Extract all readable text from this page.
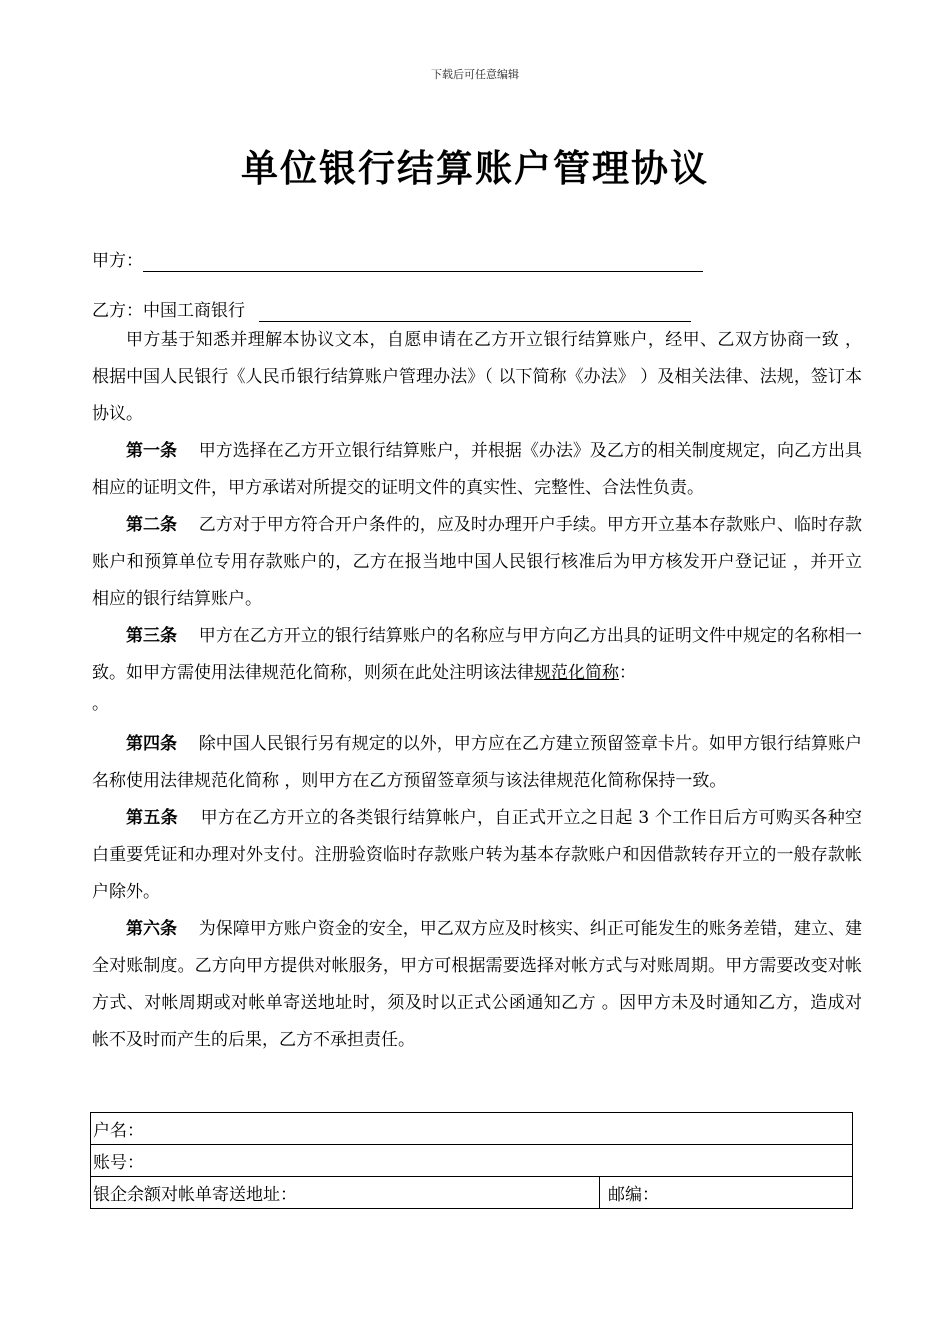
下载后可任意编辑
单位银行结算账户管理协议
甲方：
乙方：中国工商银行

甲方基于知悉并理解本协议文本，自愿申请在乙方开立银行结算账户，经甲、乙双方协商一致 ，根据中国人民银行《人民币银行结算账户管理办法》（ 以下简称《办法》 ）及相关法律、法规，签订本协议。

第一条 甲方选择在乙方开立银行结算账户，并根据《办法》及乙方的相关制度规定，向乙方出具相应的证明文件，甲方承诺对所提交的证明文件的真实性、完整性、合法性负责。

第二条 乙方对于甲方符合开户条件的，应及时办理开户手续。甲方开立基本存款账户、临时存款账户和预算单位专用存款账户的，乙方在报当地中国人民银行核准后为甲方核发开户登记证 ，并开立相应的银行结算账户。

第三条 甲方在乙方开立的银行结算账户的名称应与甲方向乙方出具的证明文件中规定的名称相一致。如甲方需使用法律规范化简称，则须在此处注明该法律规范化简称：

。

第四条 除中国人民银行另有规定的以外，甲方应在乙方建立预留签章卡片。如甲方银行结算账户名称使用法律规范化简称 ，则甲方在乙方预留签章须与该法律规范化简称保持一致。

第五条 甲方在乙方开立的各类银行结算帐户，自正式开立之日起 3 个工作日后方可购买各种空白重要凭证和办理对外支付。注册验资临时存款账户转为基本存款账户和因借款转存开立的一般存款帐户除外。

第六条 为保障甲方账户资金的安全，甲乙双方应及时核实、纠正可能发生的账务差错，建立、建全对账制度。乙方向甲方提供对帐服务，甲方可根据需要选择对帐方式与对账周期。甲方需要改变对帐方式、对帐周期或对帐单寄送地址时，须及时以正式公函通知乙方 。因甲方未及时通知乙方，造成对帐不及时而产生的后果，乙方不承担责任。

户名：
账号：
银企余额对帐单寄送地址：	邮编：
